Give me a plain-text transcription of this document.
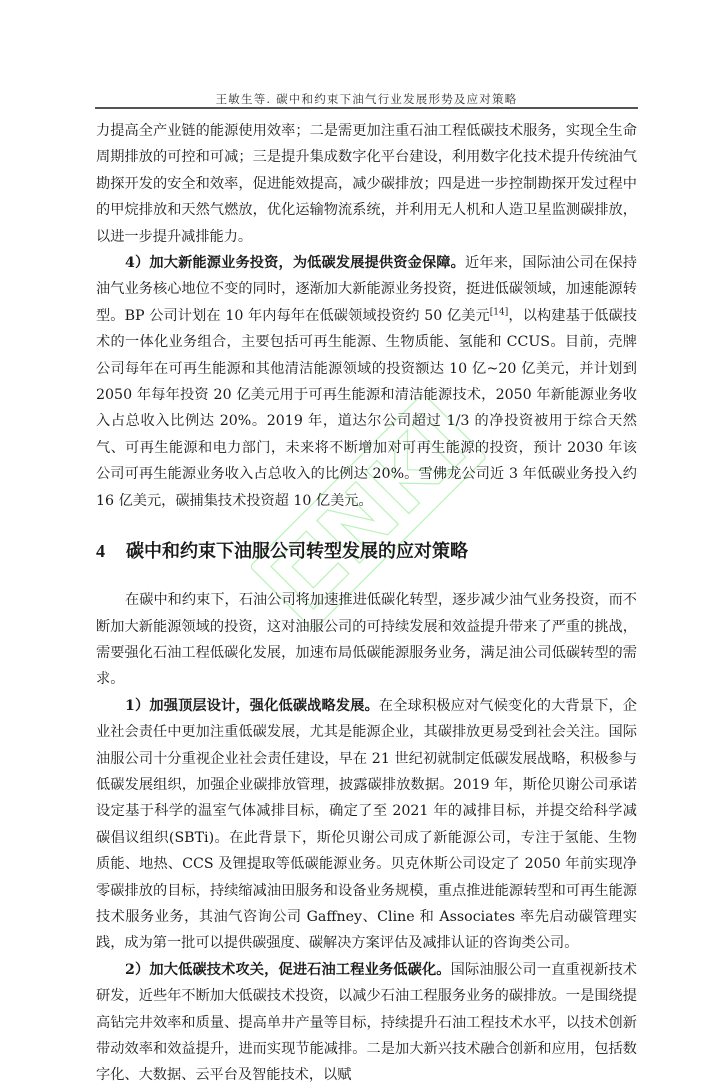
王敏生等. 碳中和约束下油气行业发展形势及应对策略

力提高全产业链的能源使用效率；二是需更加注重石油工程低碳技术服务，实现全生命周期排放的可控和可减；三是提升集成数字化平台建设，利用数字化技术提升传统油气勘探开发的安全和效率，促进能效提高，减少碳排放；四是进一步控制勘探开发过程中的甲烷排放和天然气燃放，优化运输物流系统，并利用无人机和人造卫星监测碳排放，以进一步提升减排能力。

4）加大新能源业务投资，为低碳发展提供资金保障。近年来，国际油公司在保持油气业务核心地位不变的同时，逐渐加大新能源业务投资，挺进低碳领域，加速能源转型。BP 公司计划在 10 年内每年在低碳领域投资约 50 亿美元[14]，以构建基于低碳技术的一体化业务组合，主要包括可再生能源、生物质能、氢能和 CCUS。目前，壳牌公司每年在可再生能源和其他清洁能源领域的投资额达 10 亿~20 亿美元，并计划到 2050 年每年投资 20 亿美元用于可再生能源和清洁能源技术，2050 年新能源业务收入占总收入比例达 20%。2019 年，道达尔公司超过 1/3 的净投资被用于综合天然气、可再生能源和电力部门，未来将不断增加对可再生能源的投资，预计 2030 年该公司可再生能源业务收入占总收入的比例达 20%。雪佛龙公司近 3 年低碳业务投入约 16 亿美元，碳捕集技术投资超 10 亿美元。

4 碳中和约束下油服公司转型发展的应对策略

在碳中和约束下，石油公司将加速推进低碳化转型，逐步减少油气业务投资，而不断加大新能源领域的投资，这对油服公司的可持续发展和效益提升带来了严重的挑战，需要强化石油工程低碳化发展，加速布局低碳能源服务业务，满足油公司低碳转型的需求。

1）加强顶层设计，强化低碳战略发展。在全球积极应对气候变化的大背景下，企业社会责任中更加注重低碳发展，尤其是能源企业，其碳排放更易受到社会关注。国际油服公司十分重视企业社会责任建设，早在 21 世纪初就制定低碳发展战略，积极参与低碳发展组织，加强企业碳排放管理，披露碳排放数据。2019 年，斯伦贝谢公司承诺设定基于科学的温室气体减排目标，确定了至 2021 年的减排目标，并提交给科学减碳倡议组织(SBTi)。在此背景下，斯伦贝谢公司成了新能源公司，专注于氢能、生物质能、地热、CCS 及锂提取等低碳能源业务。贝克休斯公司设定了 2050 年前实现净零碳排放的目标，持续缩减油田服务和设备业务规模，重点推进能源转型和可再生能源技术服务业务，其油气咨询公司 Gaffney、Cline 和 Associates 率先启动碳管理实践，成为第一批可以提供碳强度、碳解决方案评估及减排认证的咨询类公司。

2）加大低碳技术攻关，促进石油工程业务低碳化。国际油服公司一直重视新技术研发，近些年不断加大低碳技术投资，以减少石油工程服务业务的碳排放。一是围绕提高钻完井效率和质量、提高单井产量等目标，持续提升石油工程技术水平，以技术创新带动效率和效益提升，进而实现节能减排。二是加大新兴技术融合创新和应用，包括数字化、大数据、云平台及智能技术，以赋
